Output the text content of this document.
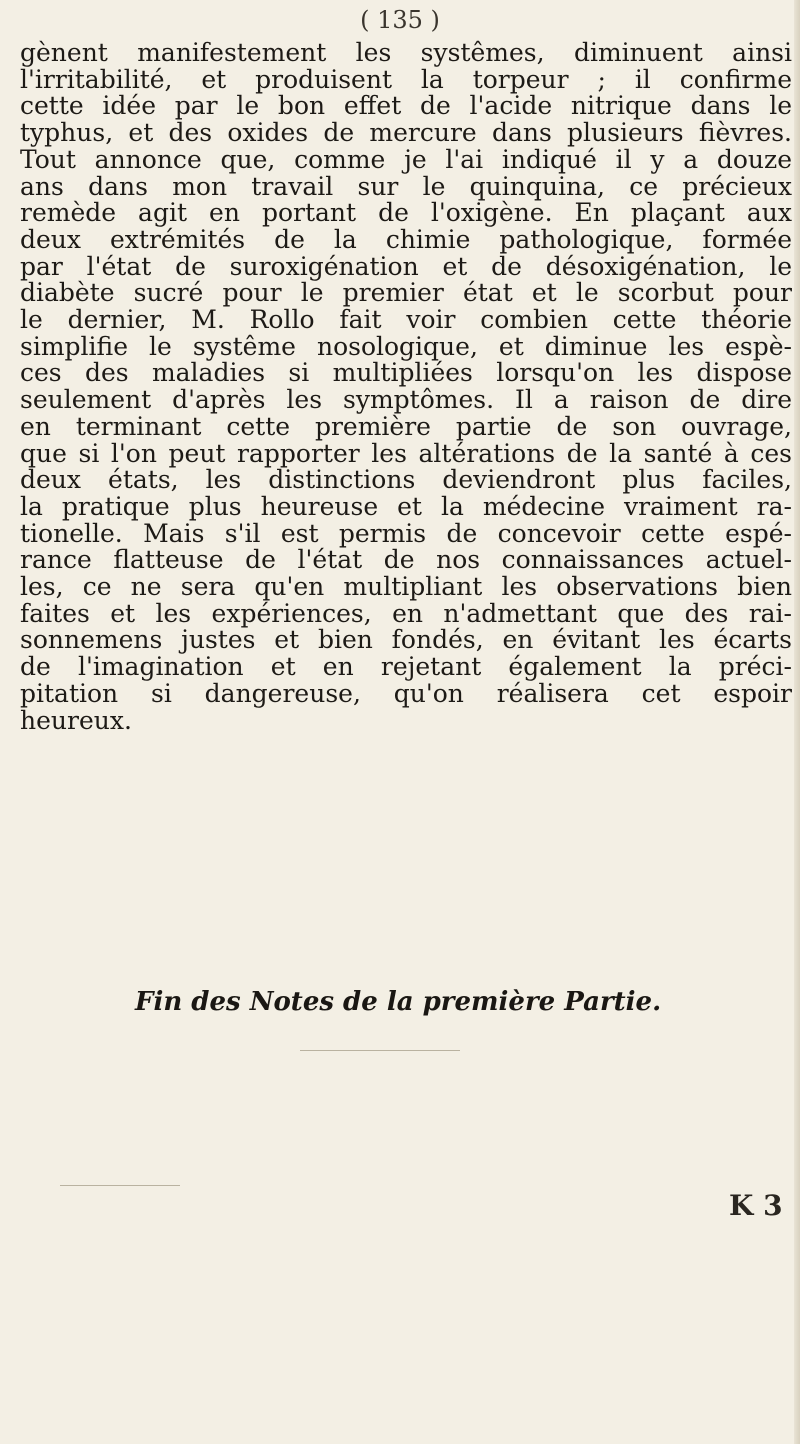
( 135 )

gènent manifestement les systêmes, diminuent ainsi
l'irritabilité, et produisent la torpeur ; il confirme
cette idée par le bon effet de l'acide nitrique dans le
typhus, et des oxides de mercure dans plusieurs fièvres.
Tout annonce que, comme je l'ai indiqué il y a douze
ans dans mon travail sur le quinquina, ce précieux
remède agit en portant de l'oxigène. En plaçant aux
deux extrémités de la chimie pathologique, formée
par l'état de suroxigénation et de désoxigénation, le
diabète sucré pour le premier état et le scorbut pour
le dernier, M. Rollo fait voir combien cette théorie
simplifie le systême nosologique, et diminue les espè-
ces des maladies si multipliées lorsqu'on les dispose
seulement d'après les symptômes. Il a raison de dire
en terminant cette première partie de son ouvrage,
que si l'on peut rapporter les altérations de la santé à ces
deux états, les distinctions deviendront plus faciles,
la pratique plus heureuse et la médecine vraiment ra-
tionelle. Mais s'il est permis de concevoir cette espé-
rance flatteuse de l'état de nos connaissances actuel-
les, ce ne sera qu'en multipliant les observations bien
faites et les expériences, en n'admettant que des rai-
sonnemens justes et bien fondés, en évitant les écarts
de l'imagination et en rejetant également la préci-
pitation si dangereuse, qu'on réalisera cet espoir
heureux.

Fin des Notes de la première Partie.

K 3
